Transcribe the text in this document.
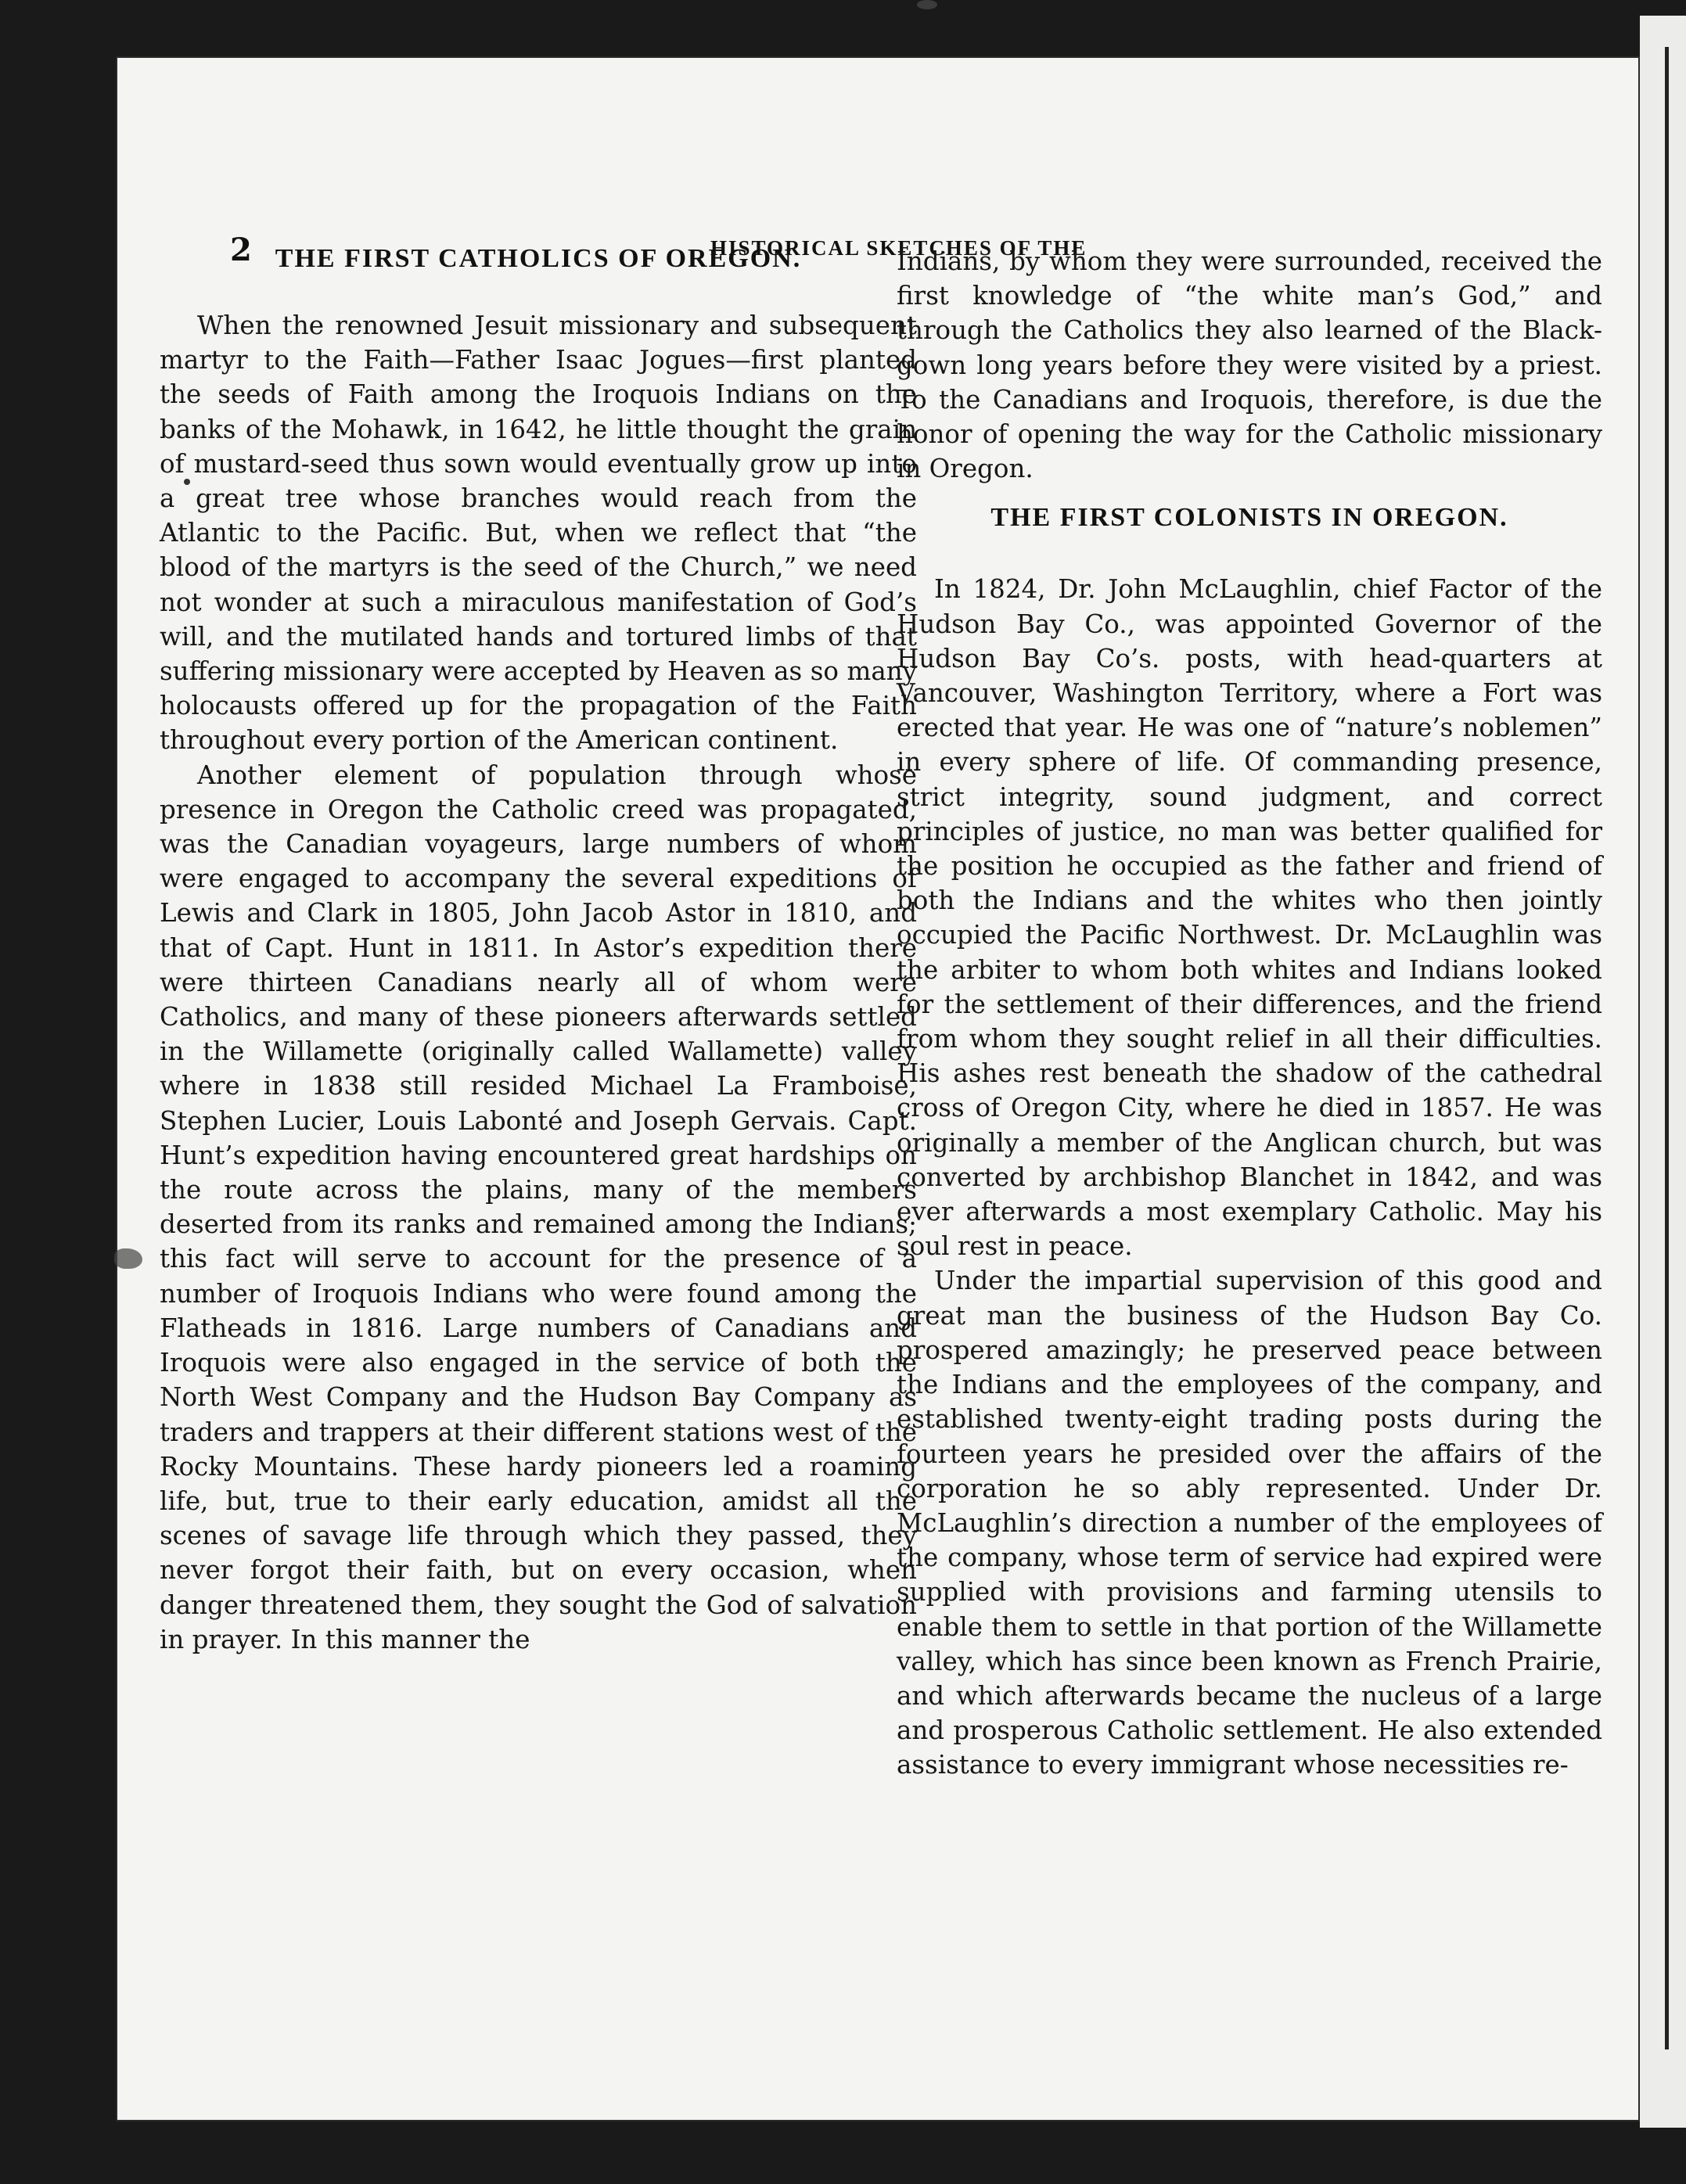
2	HISTORICAL SKETCHES OF THE
THE FIRST CATHOLICS OF OREGON.

When the renowned Jesuit missionary and subsequent martyr to the Faith—Father Isaac Jogues—first planted the seeds of Faith among the Iroquois Indians on the banks of the Mohawk, in 1642, he little thought the grain of mustard-seed thus sown would eventually grow up into a great tree whose branches would reach from the Atlantic to the Pacific. But, when we reflect that “the blood of the martyrs is the seed of the Church,” we need not wonder at such a miraculous manifestation of God’s will, and the mutilated hands and tortured limbs of that suffering missionary were accepted by Heaven as so many holocausts offered up for the propagation of the Faith throughout every portion of the American continent.

Another element of population through whose presence in Oregon the Catholic creed was propagated, was the Canadian voyageurs, large numbers of whom were engaged to accompany the several expeditions of Lewis and Clark in 1805, John Jacob Astor in 1810, and that of Capt. Hunt in 1811. In Astor’s expedition there were thirteen Canadians nearly all of whom were Catholics, and many of these pioneers afterwards settled in the Willamette (originally called Wallamette) valley where in 1838 still resided Michael La Framboise, Stephen Lucier, Louis Labonté and Joseph Gervais. Capt. Hunt’s expedition having encountered great hardships on the route across the plains, many of the members deserted from its ranks and remained among the Indians; this fact will serve to account for the presence of a number of Iroquois Indians who were found among the Flatheads in 1816. Large numbers of Canadians and Iroquois were also engaged in the service of both the North West Company and the Hudson Bay Company as traders and trappers at their different stations west of the Rocky Mountains. These hardy pioneers led a roaming life, but, true to their early education, amidst all the scenes of savage life through which they passed, they never forgot their faith, but on every occasion, when danger threatened them, they sought the God of salvation in prayer. In this manner the

Indians, by whom they were surrounded, received the first knowledge of “the white man’s God,” and through the Catholics they also learned of the Black-gown long years before they were visited by a priest. To the Canadians and Iroquois, therefore, is due the honor of opening the way for the Catholic missionary in Oregon.

THE FIRST COLONISTS IN OREGON.

In 1824, Dr. John McLaughlin, chief Factor of the Hudson Bay Co., was appointed Governor of the Hudson Bay Co’s. posts, with head-quarters at Vancouver, Washington Territory, where a Fort was erected that year. He was one of “nature’s noblemen” in every sphere of life. Of commanding presence, strict integrity, sound judgment, and correct principles of justice, no man was better qualified for the position he occupied as the father and friend of both the Indians and the whites who then jointly occupied the Pacific Northwest. Dr. McLaughlin was the arbiter to whom both whites and Indians looked for the settlement of their differences, and the friend from whom they sought relief in all their difficulties. His ashes rest beneath the shadow of the cathedral cross of Oregon City, where he died in 1857. He was originally a member of the Anglican church, but was converted by archbishop Blanchet in 1842, and was ever afterwards a most exemplary Catholic. May his soul rest in peace.

Under the impartial supervision of this good and great man the business of the Hudson Bay Co. prospered amazingly; he preserved peace between the Indians and the employees of the company, and established twenty-eight trading posts during the fourteen years he presided over the affairs of the corporation he so ably represented. Under Dr. McLaughlin’s direction a number of the employees of the company, whose term of service had expired were supplied with provisions and farming utensils to enable them to settle in that portion of the Willamette valley, which has since been known as French Prairie, and which afterwards became the nucleus of a large and prosperous Catholic settlement. He also extended assistance to every immigrant whose necessities re-
